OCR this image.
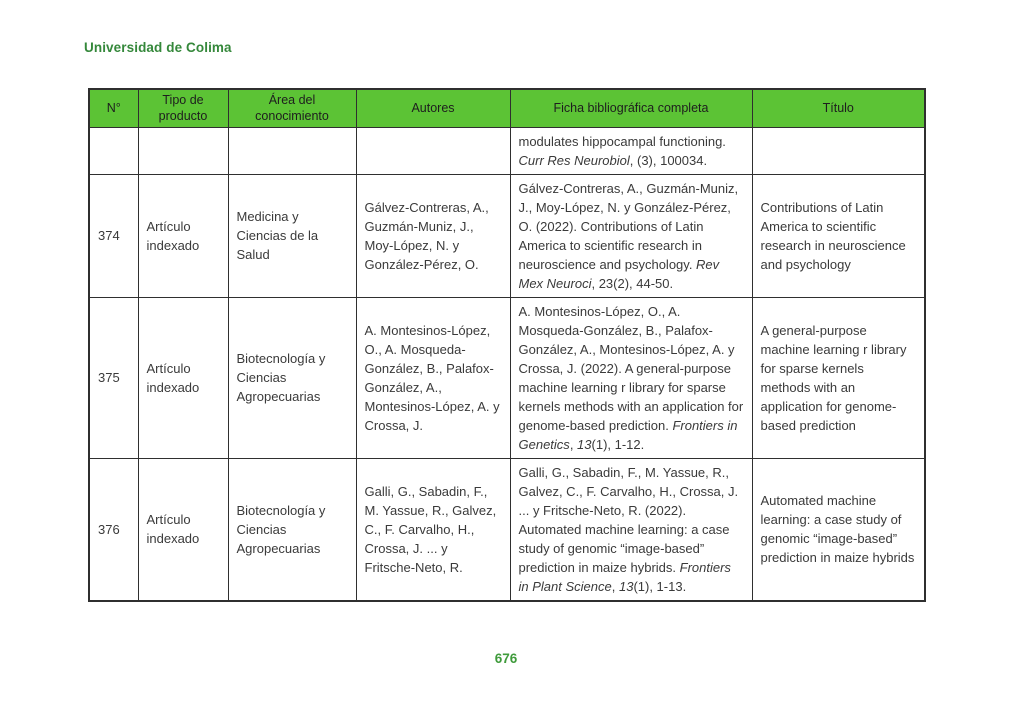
Universidad de Colima
N°	Tipo de producto	Área del conocimiento	Autores	Ficha bibliográfica completa	Título
				modulates hippocampal functioning. Curr Res Neurobiol, (3), 100034.	
374	Artículo indexado	Medicina y Ciencias de la Salud	Gálvez-Contreras, A., Guzmán-Muniz, J., Moy-López, N. y González-Pérez, O.	Gálvez-Contreras, A., Guzmán-Muniz, J., Moy-López, N. y González-Pérez, O. (2022). Contributions of Latin America to scientific research in neuroscience and psychology. Rev Mex Neuroci, 23(2), 44-50.	Contributions of Latin America to scientific research in neuroscience and psychology
375	Artículo indexado	Biotecnología y Ciencias Agropecuarias	A. Montesinos-López, O., A. Mosqueda-González, B., Palafox-González, A., Montesinos-López, A. y Crossa, J.	A. Montesinos-López, O., A. Mosqueda-González, B., Palafox-González, A., Montesinos-López, A. y Crossa, J. (2022). A general-purpose machine learning r library for sparse kernels methods with an application for genome-based prediction. Frontiers in Genetics, 13(1), 1-12.	A general-purpose machine learning r library for sparse kernels methods with an application for genome-based prediction
376	Artículo indexado	Biotecnología y Ciencias Agropecuarias	Galli, G., Sabadin, F., M. Yassue, R., Galvez, C., F. Carvalho, H., Crossa, J. ... y Fritsche-Neto, R.	Galli, G., Sabadin, F., M. Yassue, R., Galvez, C., F. Carvalho, H., Crossa, J. ... y Fritsche-Neto, R. (2022). Automated machine learning: a case study of genomic “image-based” prediction in maize hybrids. Frontiers in Plant Science, 13(1), 1-13.	Automated machine learning: a case study of genomic “image-based” prediction in maize hybrids
676
